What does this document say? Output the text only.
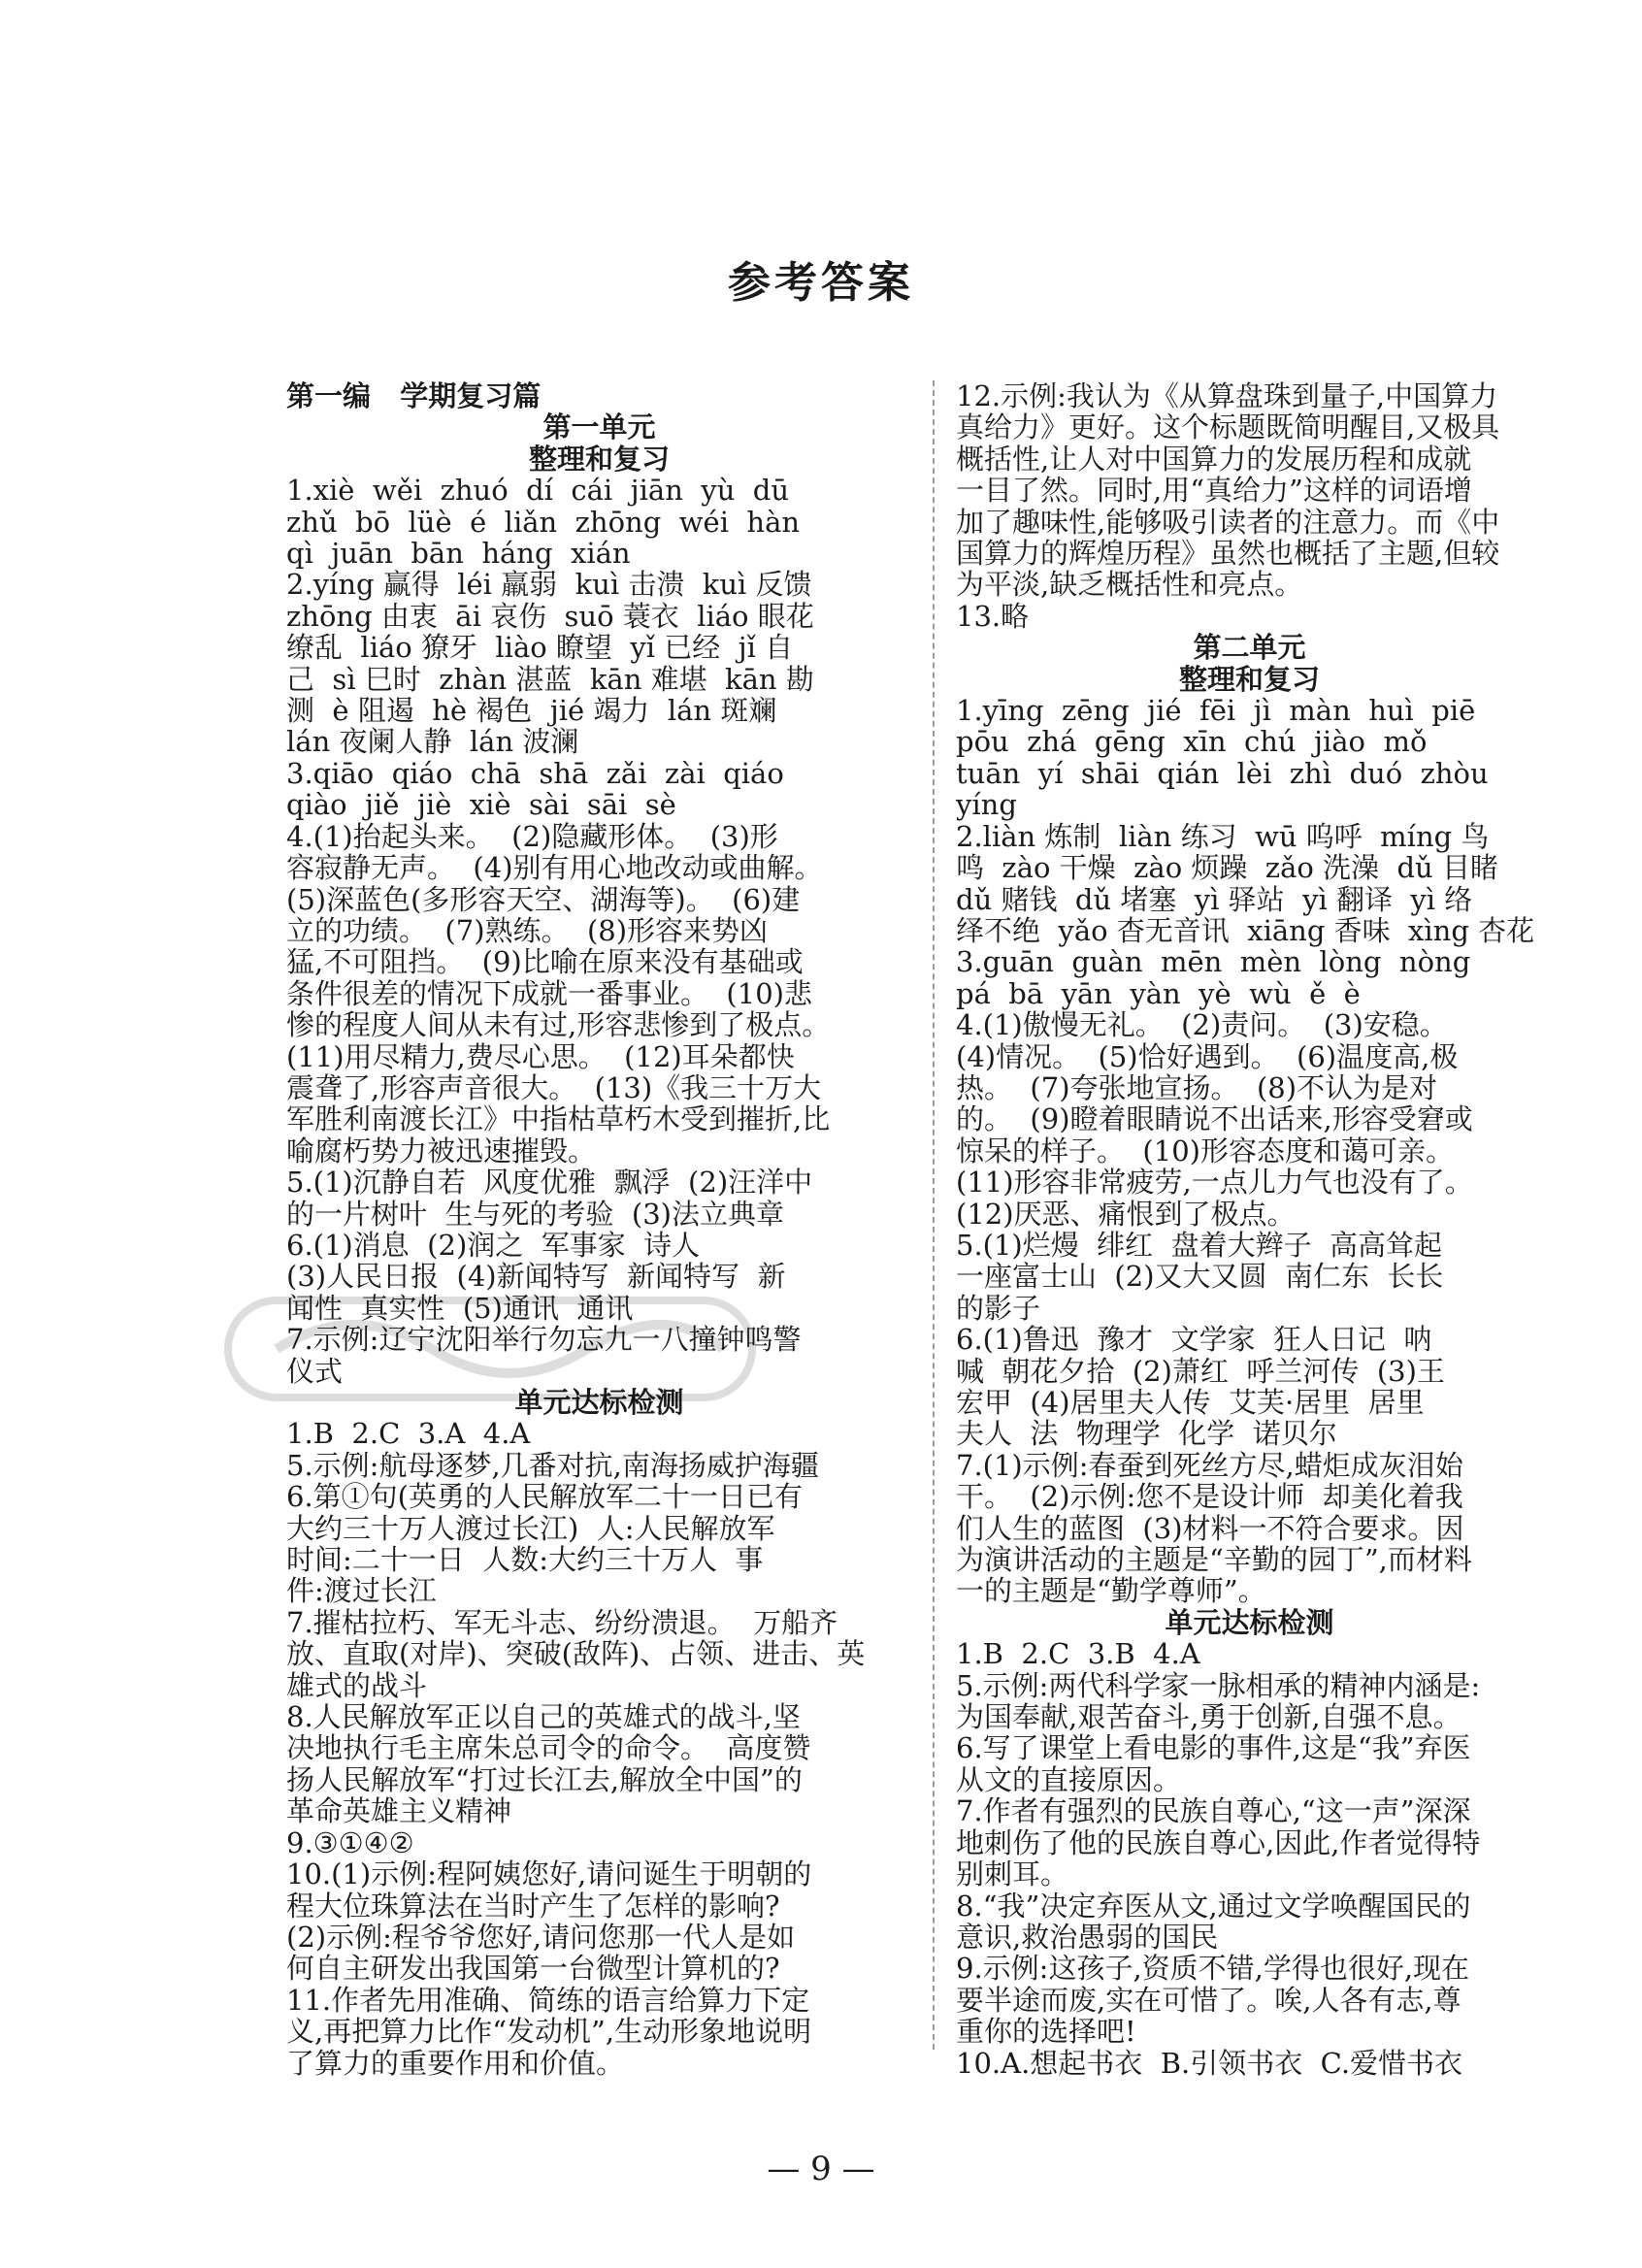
参考答案
第一编   学期复习篇
第一单元
整理和复习
1.xiè  wěi  zhuó  dí  cái  jiān  yù  dū
zhǔ  bō  lüè  é  liǎn  zhōng  wéi  hàn
qì  juān  bān  háng  xián
2.yíng 赢得  léi 羸弱  kuì 击溃  kuì 反馈
zhōng 由衷  āi 哀伤  suō 蓑衣  liáo 眼花
缭乱  liáo 獠牙  liào 瞭望  yǐ 已经  jǐ 自
己  sì 巳时  zhàn 湛蓝  kān 难堪  kān 勘
测  è 阻遏  hè 褐色  jié 竭力  lán 斑斓
lán 夜阑人静  lán 波澜
3.qiāo  qiáo  chā  shā  zǎi  zài  qiáo
qiào  jiě  jiè  xiè  sài  sāi  sè
4.(1)抬起头来。  (2)隐藏形体。  (3)形
容寂静无声。  (4)别有用心地改动或曲解。
(5)深蓝色(多形容天空、湖海等)。  (6)建
立的功绩。  (7)熟练。  (8)形容来势凶
猛,不可阻挡。  (9)比喻在原来没有基础或
条件很差的情况下成就一番事业。  (10)悲
惨的程度人间从未有过,形容悲惨到了极点。
(11)用尽精力,费尽心思。  (12)耳朵都快
震聋了,形容声音很大。  (13)《我三十万大
军胜利南渡长江》中指枯草朽木受到摧折,比
喻腐朽势力被迅速摧毁。
5.(1)沉静自若  风度优雅  飘浮  (2)汪洋中
的一片树叶  生与死的考验  (3)法立典章
6.(1)消息  (2)润之  军事家  诗人
(3)人民日报  (4)新闻特写  新闻特写  新
闻性  真实性  (5)通讯  通讯
7.示例:辽宁沈阳举行勿忘九一八撞钟鸣警
仪式
单元达标检测
1.B  2.C  3.A  4.A
5.示例:航母逐梦,几番对抗,南海扬威护海疆
6.第①句(英勇的人民解放军二十一日已有
大约三十万人渡过长江)  人:人民解放军
时间:二十一日  人数:大约三十万人  事
件:渡过长江
7.摧枯拉朽、军无斗志、纷纷溃退。  万船齐
放、直取(对岸)、突破(敌阵)、占领、进击、英
雄式的战斗
8.人民解放军正以自己的英雄式的战斗,坚
决地执行毛主席朱总司令的命令。  高度赞
扬人民解放军“打过长江去,解放全中国”的
革命英雄主义精神
9.③①④②
10.(1)示例:程阿姨您好,请问诞生于明朝的
程大位珠算法在当时产生了怎样的影响?
(2)示例:程爷爷您好,请问您那一代人是如
何自主研发出我国第一台微型计算机的?
11.作者先用准确、简练的语言给算力下定
义,再把算力比作“发动机”,生动形象地说明
了算力的重要作用和价值。
12.示例:我认为《从算盘珠到量子,中国算力
真给力》更好。这个标题既简明醒目,又极具
概括性,让人对中国算力的发展历程和成就
一目了然。同时,用“真给力”这样的词语增
加了趣味性,能够吸引读者的注意力。而《中
国算力的辉煌历程》虽然也概括了主题,但较
为平淡,缺乏概括性和亮点。
13.略
第二单元
整理和复习
1.yīng  zēng  jié  fēi  jì  màn  huì  piē
pōu  zhá  gēng  xīn  chú  jiào  mǒ
tuān  yí  shāi  qián  lèi  zhì  duó  zhòu
yíng
2.liàn 炼制  liàn 练习  wū 呜呼  míng 鸟
鸣  zào 干燥  zào 烦躁  zǎo 洗澡  dǔ 目睹
dǔ 赌钱  dǔ 堵塞  yì 驿站  yì 翻译  yì 络
绎不绝  yǎo 杳无音讯  xiāng 香味  xìng 杏花
3.guān  guàn  mēn  mèn  lòng  nòng
pá  bā  yān  yàn  yè  wù  ě  è
4.(1)傲慢无礼。  (2)责问。  (3)安稳。
(4)情况。  (5)恰好遇到。  (6)温度高,极
热。  (7)夸张地宣扬。  (8)不认为是对
的。  (9)瞪着眼睛说不出话来,形容受窘或
惊呆的样子。  (10)形容态度和蔼可亲。
(11)形容非常疲劳,一点儿力气也没有了。
(12)厌恶、痛恨到了极点。
5.(1)烂熳  绯红  盘着大辫子  高高耸起
一座富士山  (2)又大又圆  南仁东  长长
的影子
6.(1)鲁迅  豫才  文学家  狂人日记  呐
喊  朝花夕拾  (2)萧红  呼兰河传  (3)王
宏甲  (4)居里夫人传  艾芙·居里  居里
夫人  法  物理学  化学  诺贝尔
7.(1)示例:春蚕到死丝方尽,蜡炬成灰泪始
干。  (2)示例:您不是设计师  却美化着我
们人生的蓝图  (3)材料一不符合要求。因
为演讲活动的主题是“辛勤的园丁”,而材料
一的主题是“勤学尊师”。
单元达标检测
1.B  2.C  3.B  4.A
5.示例:两代科学家一脉相承的精神内涵是:
为国奉献,艰苦奋斗,勇于创新,自强不息。
6.写了课堂上看电影的事件,这是“我”弃医
从文的直接原因。
7.作者有强烈的民族自尊心,“这一声”深深
地刺伤了他的民族自尊心,因此,作者觉得特
别刺耳。
8.“我”决定弃医从文,通过文学唤醒国民的
意识,救治愚弱的国民
9.示例:这孩子,资质不错,学得也很好,现在
要半途而废,实在可惜了。唉,人各有志,尊
重你的选择吧!
10.A.想起书衣  B.引领书衣  C.爱惜书衣
— 9 —
